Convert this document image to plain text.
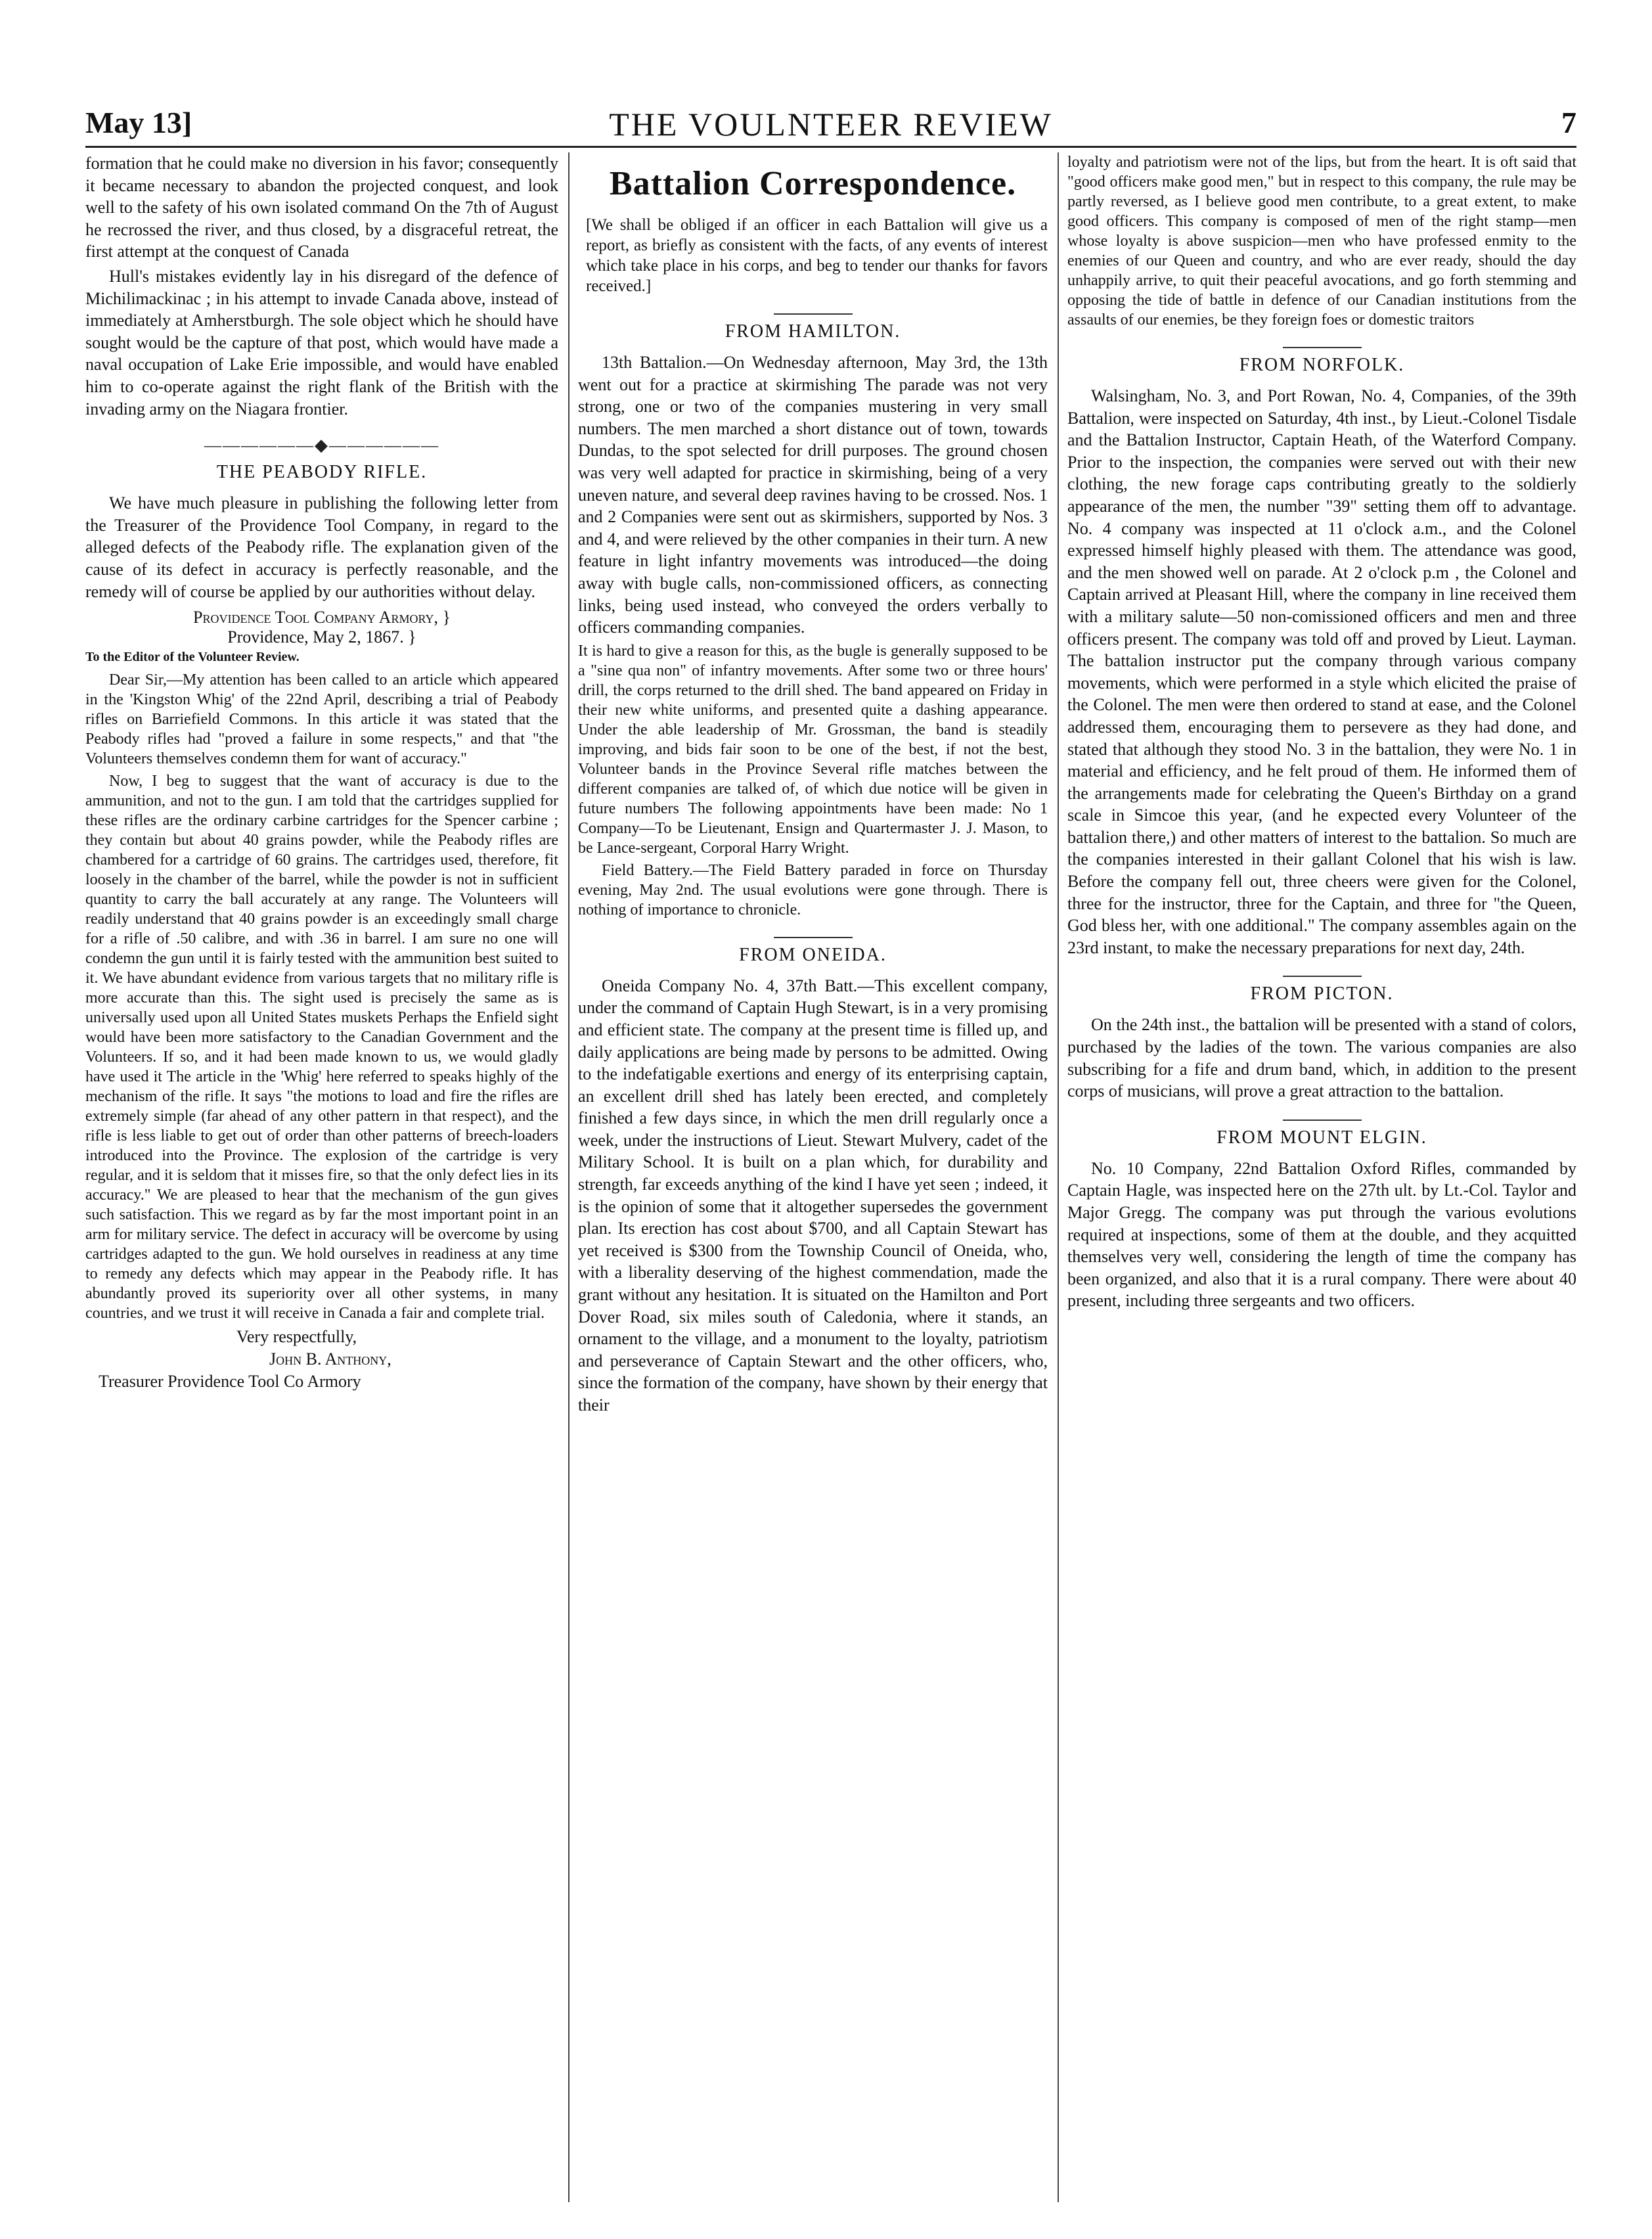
May 13]	THE VOULNTEER REVIEW	7

formation that he could make no diversion in his favor; consequently it became necessary to abandon the projected conquest, and look well to the safety of his own isolated command On the 7th of August he recrossed the river, and thus closed, by a disgraceful retreat, the first attempt at the conquest of Canada

Hull's mistakes evidently lay in his disregard of the defence of Michilimackinac ; in his attempt to invade Canada above, instead of immediately at Amherstburgh. The sole object which he should have sought would be the capture of that post, which would have made a naval occupation of Lake Erie impossible, and would have enabled him to co-operate against the right flank of the British with the invading army on the Niagara frontier.

——————◆——————
THE PEABODY RIFLE.

We have much pleasure in publishing the following letter from the Treasurer of the Providence Tool Company, in regard to the alleged defects of the Peabody rifle. The explanation given of the cause of its defect in accuracy is perfectly reasonable, and the remedy will of course be applied by our authorities without delay.

Providence Tool Company Armory, }
Providence, May 2, 1867. }
To the Editor of the Volunteer Review.

Dear Sir,—My attention has been called to an article which appeared in the 'Kingston Whig' of the 22nd April, describing a trial of Peabody rifles on Barriefield Commons. In this article it was stated that the Peabody rifles had "proved a failure in some respects," and that "the Volunteers themselves condemn them for want of accuracy."

Now, I beg to suggest that the want of accuracy is due to the ammunition, and not to the gun. I am told that the cartridges supplied for these rifles are the ordinary carbine cartridges for the Spencer carbine ; they contain but about 40 grains powder, while the Peabody rifles are chambered for a cartridge of 60 grains. The cartridges used, therefore, fit loosely in the chamber of the barrel, while the powder is not in sufficient quantity to carry the ball accurately at any range. The Volunteers will readily understand that 40 grains powder is an exceedingly small charge for a rifle of .50 calibre, and with .36 in barrel. I am sure no one will condemn the gun until it is fairly tested with the ammunition best suited to it. We have abundant evidence from various targets that no military rifle is more accurate than this. The sight used is precisely the same as is universally used upon all United States muskets Perhaps the Enfield sight would have been more satisfactory to the Canadian Government and the Volunteers. If so, and it had been made known to us, we would gladly have used it The article in the 'Whig' here referred to speaks highly of the mechanism of the rifle. It says "the motions to load and fire the rifles are extremely simple (far ahead of any other pattern in that respect), and the rifle is less liable to get out of order than other patterns of breech-loaders introduced into the Province. The explosion of the cartridge is very regular, and it is seldom that it misses fire, so that the only defect lies in its accuracy." We are pleased to hear that the mechanism of the gun gives such satisfaction. This we regard as by far the most important point in an arm for military service. The defect in accuracy will be overcome by using cartridges adapted to the gun. We hold ourselves in readiness at any time to remedy any defects which may appear in the Peabody rifle. It has abundantly proved its superiority over all other systems, in many countries, and we trust it will receive in Canada a fair and complete trial.

Very respectfully,
John B. Anthony,
Treasurer Providence Tool Co Armory
Battalion Correspondence.
[We shall be obliged if an officer in each Battalion will give us a report, as briefly as consistent with the facts, of any events of interest which take place in his corps, and beg to tender our thanks for favors received.]
FROM HAMILTON.

13th Battalion.—On Wednesday afternoon, May 3rd, the 13th went out for a practice at skirmishing The parade was not very strong, one or two of the companies mustering in very small numbers. The men marched a short distance out of town, towards Dundas, to the spot selected for drill purposes. The ground chosen was very well adapted for practice in skirmishing, being of a very uneven nature, and several deep ravines having to be crossed. Nos. 1 and 2 Companies were sent out as skirmishers, supported by Nos. 3 and 4, and were relieved by the other companies in their turn. A new feature in light infantry movements was introduced—the doing away with bugle calls, non-commissioned officers, as connecting links, being used instead, who conveyed the orders verbally to officers commanding companies.

It is hard to give a reason for this, as the bugle is generally supposed to be a "sine qua non" of infantry movements. After some two or three hours' drill, the corps returned to the drill shed. The band appeared on Friday in their new white uniforms, and presented quite a dashing appearance. Under the able leadership of Mr. Grossman, the band is steadily improving, and bids fair soon to be one of the best, if not the best, Volunteer bands in the Province Several rifle matches between the different companies are talked of, of which due notice will be given in future numbers The following appointments have been made: No 1 Company—To be Lieutenant, Ensign and Quartermaster J. J. Mason, to be Lance-sergeant, Corporal Harry Wright.

Field Battery.—The Field Battery paraded in force on Thursday evening, May 2nd. The usual evolutions were gone through. There is nothing of importance to chronicle.

FROM ONEIDA.

Oneida Company No. 4, 37th Batt.—This excellent company, under the command of Captain Hugh Stewart, is in a very promising and efficient state. The company at the present time is filled up, and daily applications are being made by persons to be admitted. Owing to the indefatigable exertions and energy of its enterprising captain, an excellent drill shed has lately been erected, and completely finished a few days since, in which the men drill regularly once a week, under the instructions of Lieut. Stewart Mulvery, cadet of the Military School. It is built on a plan which, for durability and strength, far exceeds anything of the kind I have yet seen ; indeed, it is the opinion of some that it altogether supersedes the government plan. Its erection has cost about $700, and all Captain Stewart has yet received is $300 from the Township Council of Oneida, who, with a liberality deserving of the highest commendation, made the grant without any hesitation. It is situated on the Hamilton and Port Dover Road, six miles south of Caledonia, where it stands, an ornament to the village, and a monument to the loyalty, patriotism and perseverance of Captain Stewart and the other officers, who, since the formation of the company, have shown by their energy that their

loyalty and patriotism were not of the lips, but from the heart. It is oft said that "good officers make good men," but in respect to this company, the rule may be partly reversed, as I believe good men contribute, to a great extent, to make good officers. This company is composed of men of the right stamp—men whose loyalty is above suspicion—men who have professed enmity to the enemies of our Queen and country, and who are ever ready, should the day unhappily arrive, to quit their peaceful avocations, and go forth stemming and opposing the tide of battle in defence of our Canadian institutions from the assaults of our enemies, be they foreign foes or domestic traitors

FROM NORFOLK.

Walsingham, No. 3, and Port Rowan, No. 4, Companies, of the 39th Battalion, were inspected on Saturday, 4th inst., by Lieut.-Colonel Tisdale and the Battalion Instructor, Captain Heath, of the Waterford Company. Prior to the inspection, the companies were served out with their new clothing, the new forage caps contributing greatly to the soldierly appearance of the men, the number "39" setting them off to advantage. No. 4 company was inspected at 11 o'clock a.m., and the Colonel expressed himself highly pleased with them. The attendance was good, and the men showed well on parade. At 2 o'clock p.m , the Colonel and Captain arrived at Pleasant Hill, where the company in line received them with a military salute—50 non-comissioned officers and men and three officers present. The company was told off and proved by Lieut. Layman. The battalion instructor put the company through various company movements, which were performed in a style which elicited the praise of the Colonel. The men were then ordered to stand at ease, and the Colonel addressed them, encouraging them to persevere as they had done, and stated that although they stood No. 3 in the battalion, they were No. 1 in material and efficiency, and he felt proud of them. He informed them of the arrangements made for celebrating the Queen's Birthday on a grand scale in Simcoe this year, (and he expected every Volunteer of the battalion there,) and other matters of interest to the battalion. So much are the companies interested in their gallant Colonel that his wish is law. Before the company fell out, three cheers were given for the Colonel, three for the instructor, three for the Captain, and three for "the Queen, God bless her, with one additional." The company assembles again on the 23rd instant, to make the necessary preparations for next day, 24th.

FROM PICTON.

On the 24th inst., the battalion will be presented with a stand of colors, purchased by the ladies of the town. The various companies are also subscribing for a fife and drum band, which, in addition to the present corps of musicians, will prove a great attraction to the battalion.

FROM MOUNT ELGIN.

No. 10 Company, 22nd Battalion Oxford Rifles, commanded by Captain Hagle, was inspected here on the 27th ult. by Lt.-Col. Taylor and Major Gregg. The company was put through the various evolutions required at inspections, some of them at the double, and they acquitted themselves very well, considering the length of time the company has been organized, and also that it is a rural company. There were about 40 present, including three sergeants and two officers.
